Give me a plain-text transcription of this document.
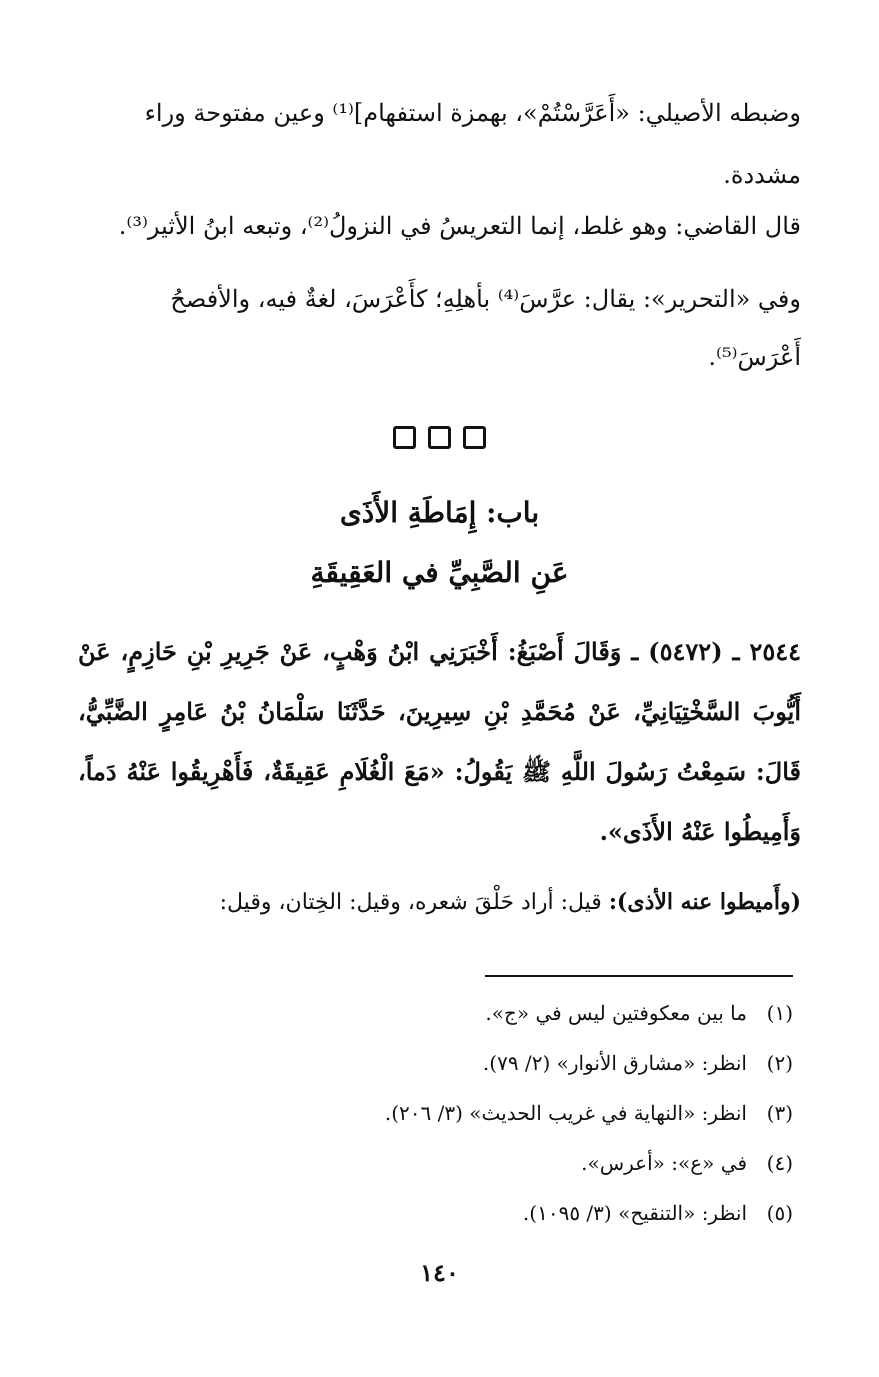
وضبطه الأصيلي: «أَعَرَّسْتُمْ»، بهمزة استفهام]⁽¹⁾ وعين مفتوحة وراء مشددة.
قال القاضي: وهو غلط، إنما التعريسُ في النزولُ⁽²⁾، وتبعه ابنُ الأثير⁽³⁾.
وفي «التحرير»: يقال: عرَّسَ⁽⁴⁾ بأهلِهِ؛ كأَعْرَسَ، لغةٌ فيه، والأفصحُ أَعْرَسَ⁽⁵⁾.
باب: إِمَاطَةِ الأَذَى
عَنِ الصَّبِيِّ في العَقِيقَةِ
٢٥٤٤ ـ (٥٤٧٢) ـ وَقَالَ أَصْبَغُ: أَخْبَرَنِي ابْنُ وَهْبٍ، عَنْ جَرِيرِ بْنِ حَازِمٍ، عَنْ أَيُّوبَ السَّخْتِيَانِيِّ، عَنْ مُحَمَّدِ بْنِ سِيرِينَ، حَدَّثَنَا سَلْمَانُ بْنُ عَامِرٍ الضَّبِّيُّ، قَالَ: سَمِعْتُ رَسُولَ اللَّهِ ﷺ يَقُولُ: «مَعَ الْغُلَامِ عَقِيقَةٌ، فَأَهْرِيقُوا عَنْهُ دَماً، وَأَمِيطُوا عَنْهُ الأَذَى».
(وأَميطوا عنه الأذى): قيل: أراد حَلْقَ شعره، وقيل: الخِتان، وقيل:
(١)ما بين معكوفتين ليس في «ج».
(٢)انظر: «مشارق الأنوار» (٢/ ٧٩).
(٣)انظر: «النهاية في غريب الحديث» (٣/ ٢٠٦).
(٤)في «ع»: «أعرس».
(٥)انظر: «التنقيح» (٣/ ١٠٩٥).
١٤٠
